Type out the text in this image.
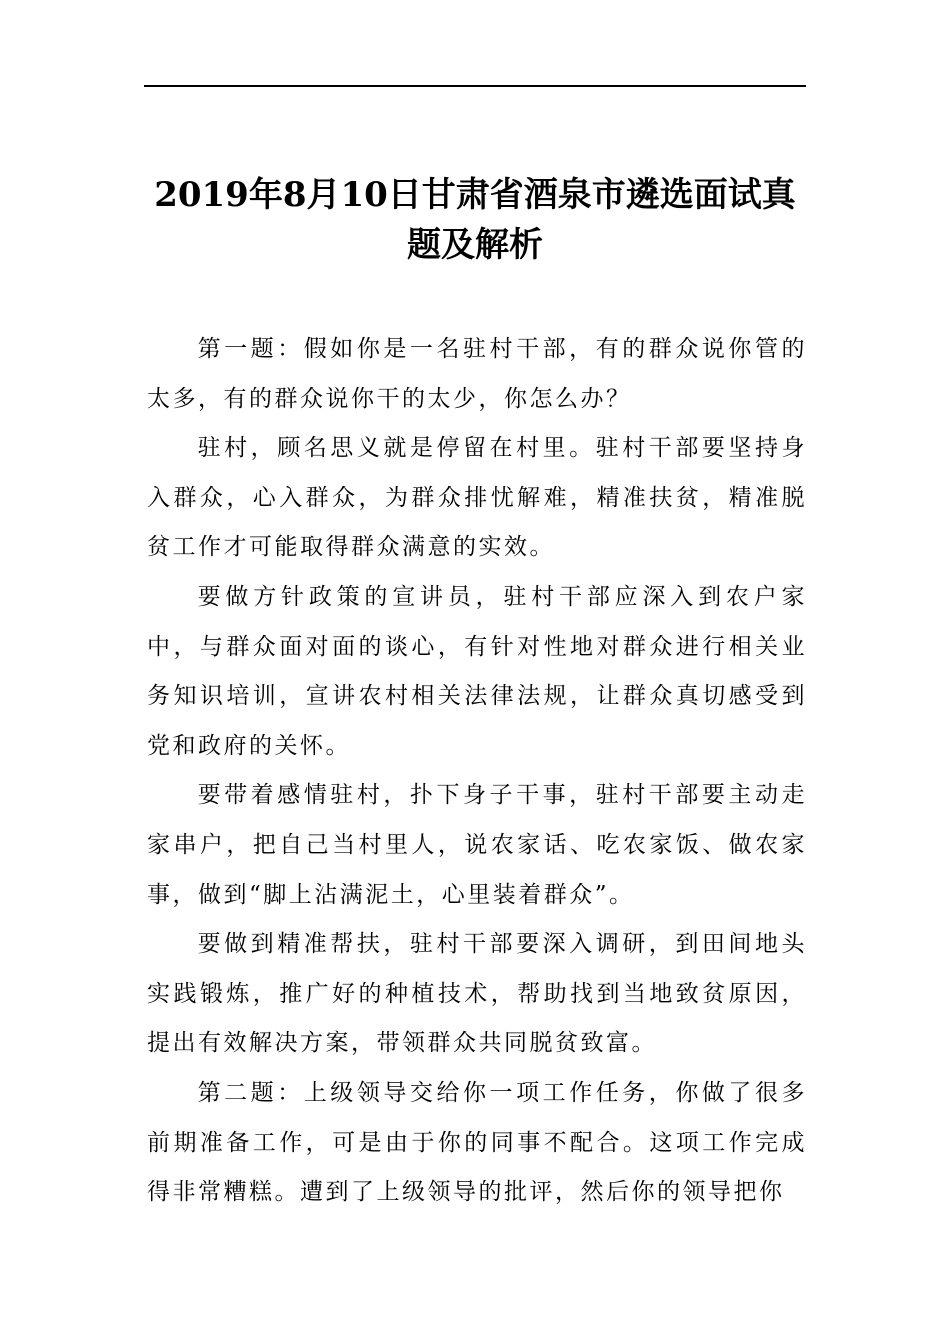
2019年8月10日甘肃省酒泉市遴选面试真题及解析

第一题：假如你是一名驻村干部，有的群众说你管的太多，有的群众说你干的太少，你怎么办？

驻村，顾名思义就是停留在村里。驻村干部要坚持身入群众，心入群众，为群众排忧解难，精准扶贫，精准脱贫工作才可能取得群众满意的实效。

要做方针政策的宣讲员，驻村干部应深入到农户家中，与群众面对面的谈心，有针对性地对群众进行相关业务知识培训，宣讲农村相关法律法规，让群众真切感受到党和政府的关怀。

要带着感情驻村，扑下身子干事，驻村干部要主动走家串户，把自己当村里人，说农家话、吃农家饭、做农家事，做到“脚上沾满泥土，心里装着群众”。

要做到精准帮扶，驻村干部要深入调研，到田间地头实践锻炼，推广好的种植技术，帮助找到当地致贫原因，提出有效解决方案，带领群众共同脱贫致富。

第二题：上级领导交给你一项工作任务，你做了很多前期准备工作，可是由于你的同事不配合。这项工作完成得非常糟糕。遭到了上级领导的批评，然后你的领导把你
